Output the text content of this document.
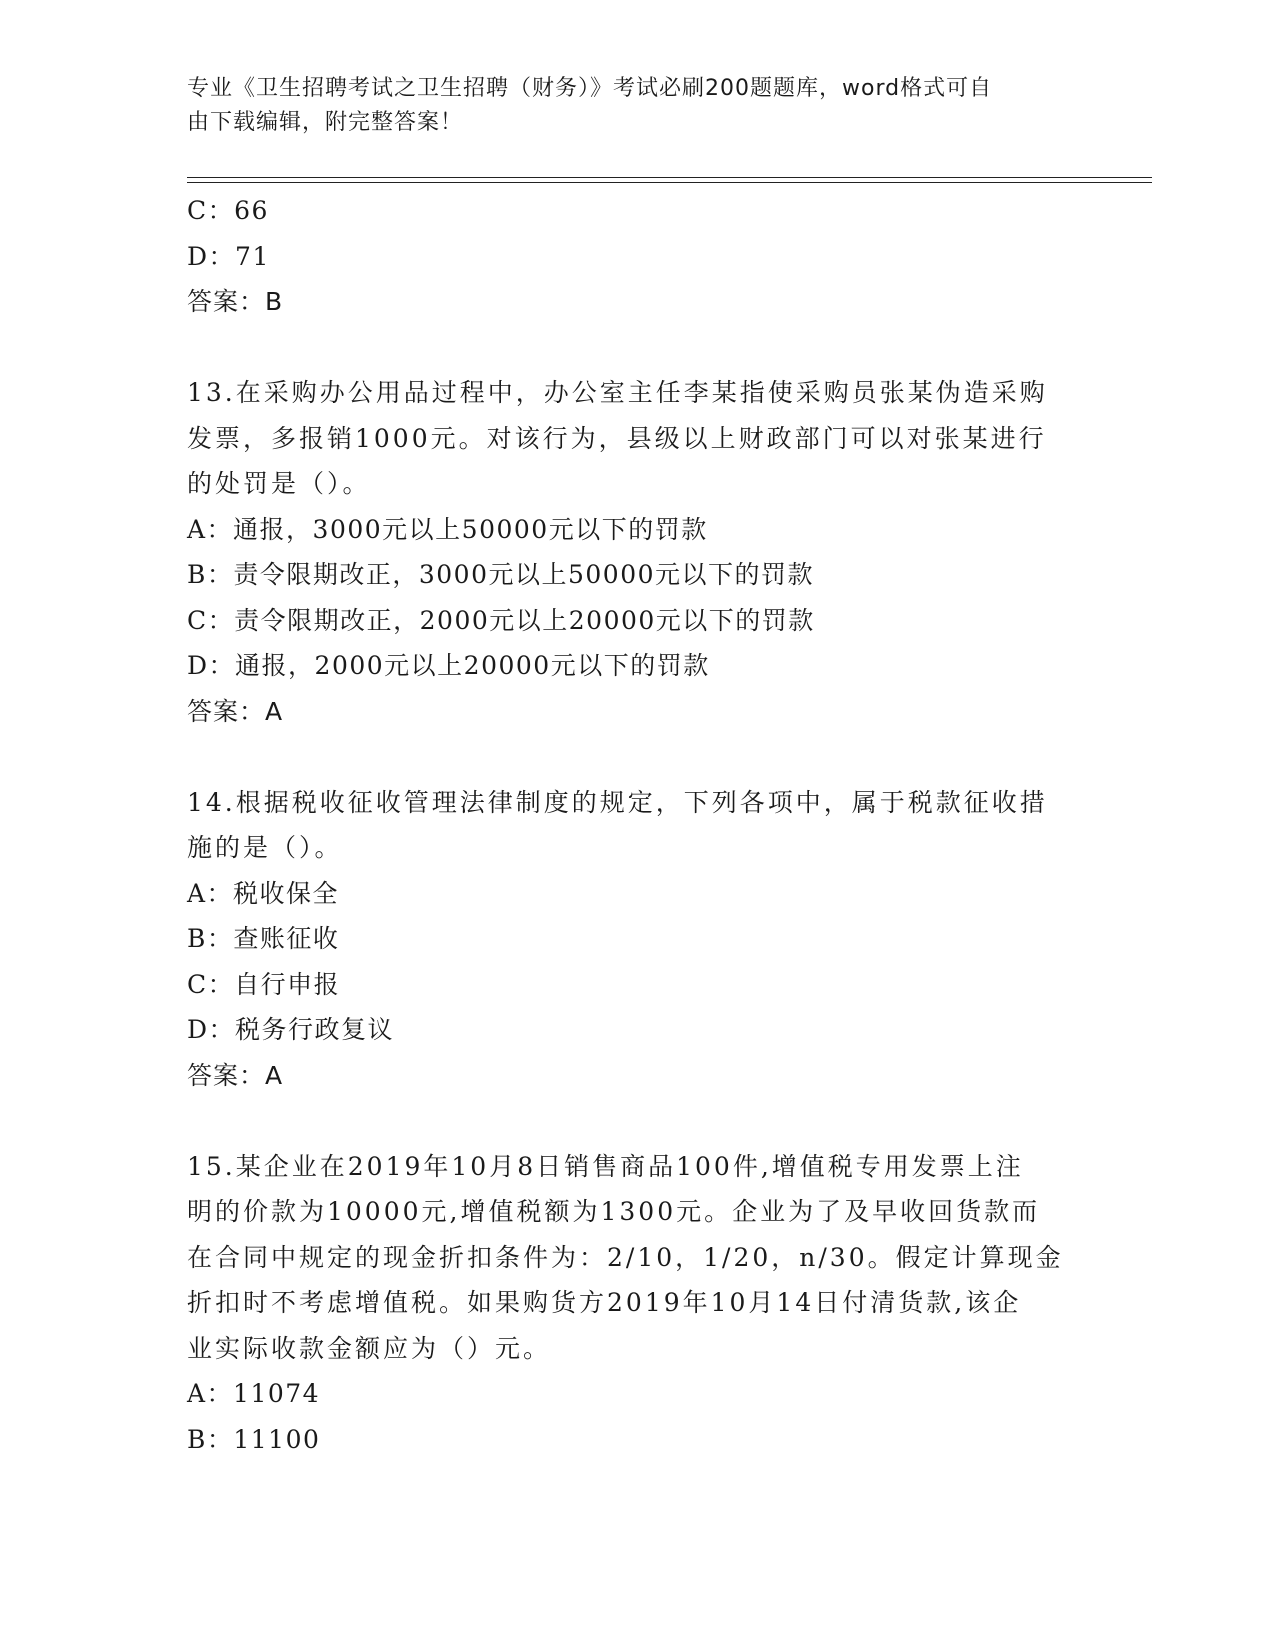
专业《卫生招聘考试之卫生招聘（财务）》考试必刷200题题库，word格式可自
由下载编辑，附完整答案！
C：66
D：71
答案：B
13.在采购办公用品过程中，办公室主任李某指使采购员张某伪造采购
发票，多报销1000元。对该行为，县级以上财政部门可以对张某进行
的处罚是（）。
A：通报，3000元以上50000元以下的罚款
B：责令限期改正，3000元以上50000元以下的罚款
C：责令限期改正，2000元以上20000元以下的罚款
D：通报，2000元以上20000元以下的罚款
答案：A
14.根据税收征收管理法律制度的规定，下列各项中，属于税款征收措
施的是（）。
A：税收保全
B：查账征收
C：自行申报
D：税务行政复议
答案：A
15.某企业在2019年10月8日销售商品100件,增值税专用发票上注
明的价款为10000元,增值税额为1300元。企业为了及早收回货款而
在合同中规定的现金折扣条件为：2/10，1/20，n/30。假定计算现金
折扣时不考虑增值税。如果购货方2019年10月14日付清货款,该企
业实际收款金额应为（）元。
A：11074
B：11100
